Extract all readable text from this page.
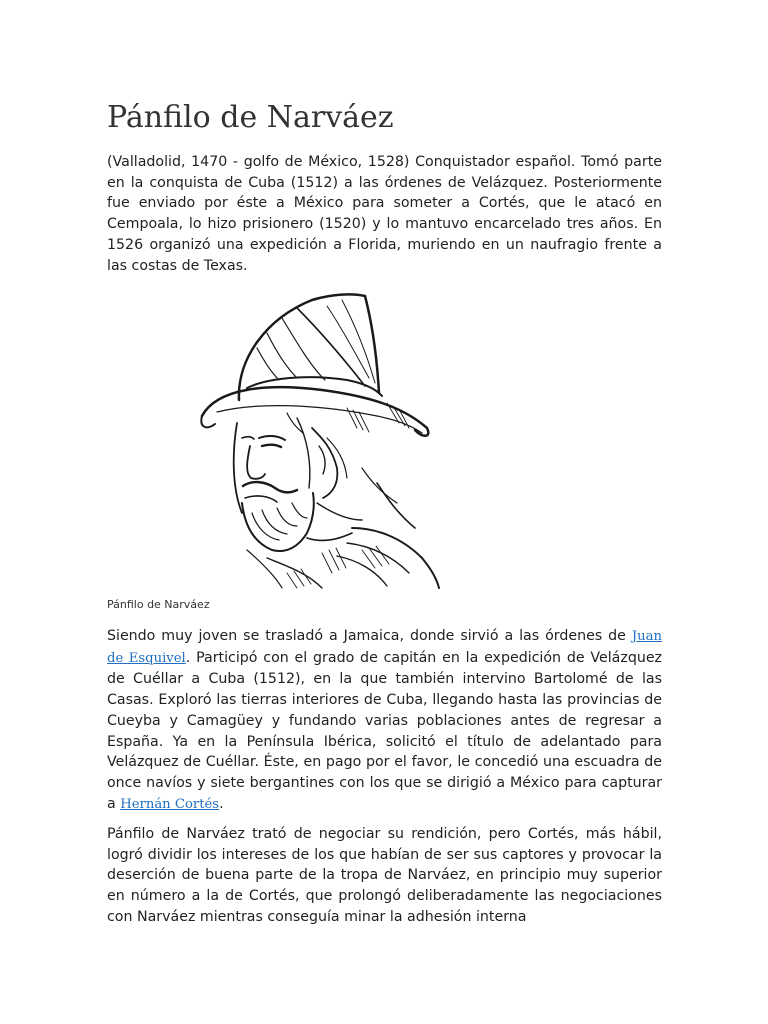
Pánfilo de Narváez

(Valladolid, 1470 - golfo de México, 1528) Conquistador español. Tomó parte en la conquista de Cuba (1512) a las órdenes de Velázquez. Posteriormente fue enviado por éste a México para someter a Cortés, que le atacó en Cempoala, lo hizo prisionero (1520) y lo mantuvo encarcelado tres años. En 1526 organizó una expedición a Florida, muriendo en un naufragio frente a las costas de Texas.

Pánfilo de Narváez

Siendo muy joven se trasladó a Jamaica, donde sirvió a las órdenes de Juan de Esquivel. Participó con el grado de capitán en la expedición de Velázquez de Cuéllar a Cuba (1512), en la que también intervino Bartolomé de las Casas. Exploró las tierras interiores de Cuba, llegando hasta las provincias de Cueyba y Camagüey y fundando varias poblaciones antes de regresar a España. Ya en la Península Ibérica, solicitó el título de adelantado para Velázquez de Cuéllar. Éste, en pago por el favor, le concedió una escuadra de once navíos y siete bergantines con los que se dirigió a México para capturar a Hernán Cortés.

Pánfilo de Narváez trató de negociar su rendición, pero Cortés, más hábil, logró dividir los intereses de los que habían de ser sus captores y provocar la deserción de buena parte de la tropa de Narváez, en principio muy superior en número a la de Cortés, que prolongó deliberadamente las negociaciones con Narváez mientras conseguía minar la adhesión interna
